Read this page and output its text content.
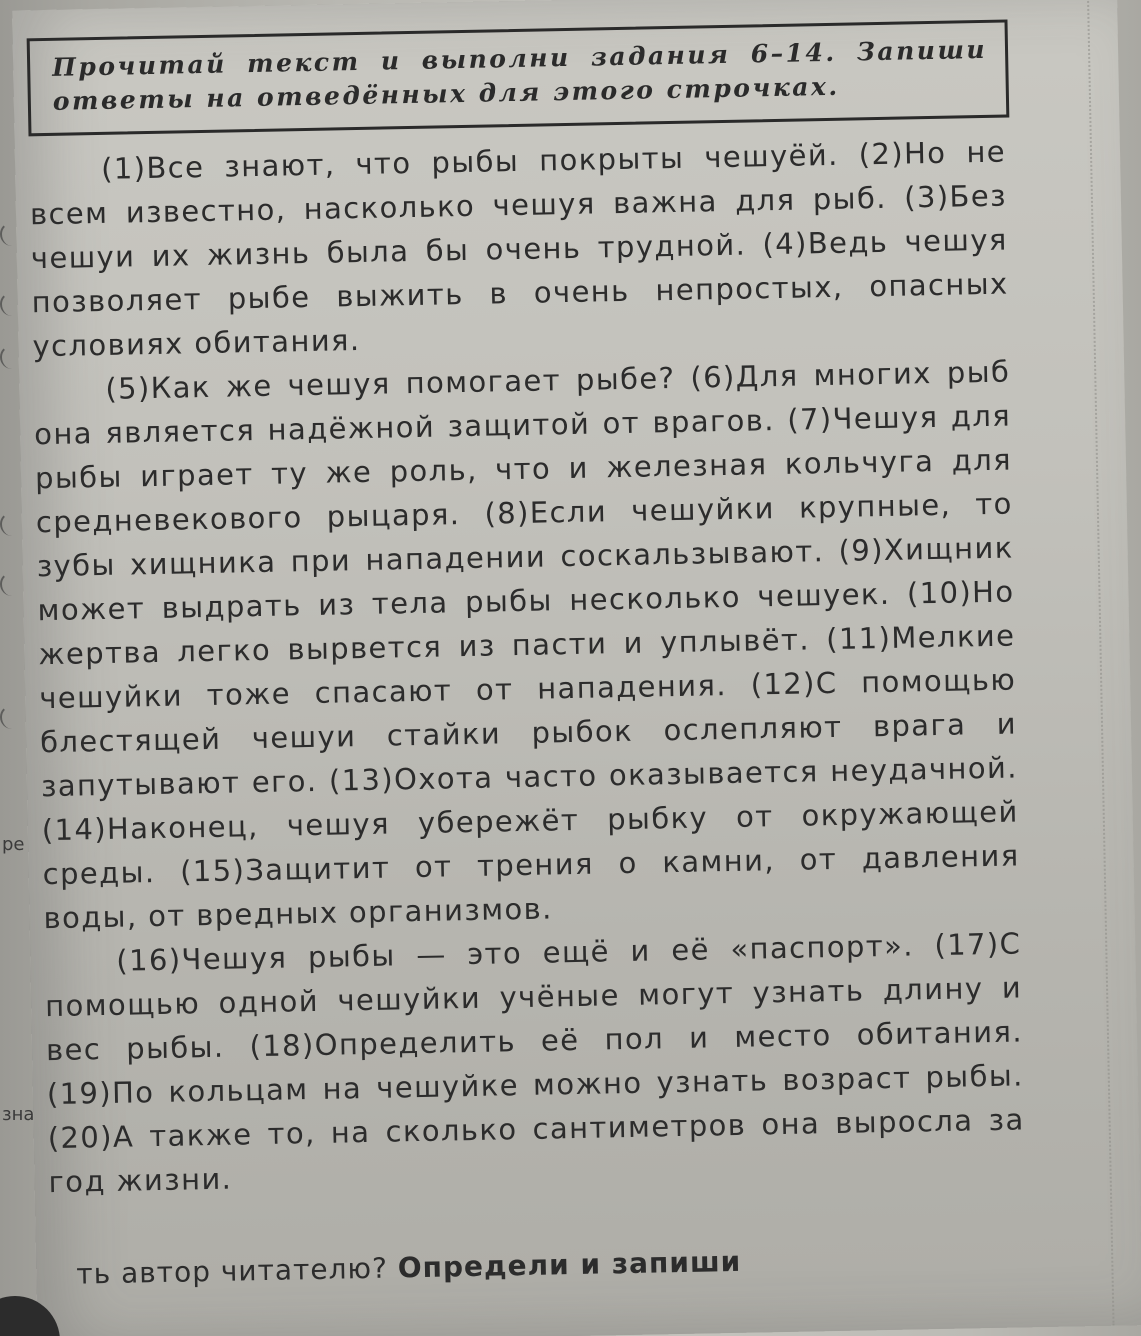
Прочитай текст и выполни задания 6–14. Запиши ответы на отведённых для этого строчках.

(1)Все знают, что рыбы покрыты чешуёй. (2)Но не всем известно, насколько чешуя важна для рыб. (3)Без чешуи их жизнь была бы очень трудной. (4)Ведь чешуя позволяет рыбе выжить в очень непростых, опасных условиях обитания.

(5)Как же чешуя помогает рыбе? (6)Для многих рыб она является надёжной защитой от врагов. (7)Чешуя для рыбы играет ту же роль, что и железная кольчуга для средневекового рыцаря. (8)Если чешуйки крупные, то зубы хищника при нападении соскальзывают. (9)Хищник может выдрать из тела рыбы несколько чешуек. (10)Но жертва легко вырвется из пасти и уплывёт. (11)Мелкие чешуйки тоже спасают от нападения. (12)С помощью блестящей чешуи стайки рыбок ослепляют врага и запутывают его. (13)Охота часто оказывается неудачной. (14)Наконец, чешуя убережёт рыбку от окружающей среды. (15)Защитит от трения о камни, от давления воды, от вредных организмов.

(16)Чешуя рыбы — это ещё и её «паспорт». (17)С помощью одной чешуйки учёные могут узнать длину и вес рыбы. (18)Определить её пол и место обитания. (19)По кольцам на чешуйке можно узнать возраст рыбы. (20)А также то, на сколько сантиметров она выросла за год жизни.

ть автор читателю? Определи и запиши
ре
зна
